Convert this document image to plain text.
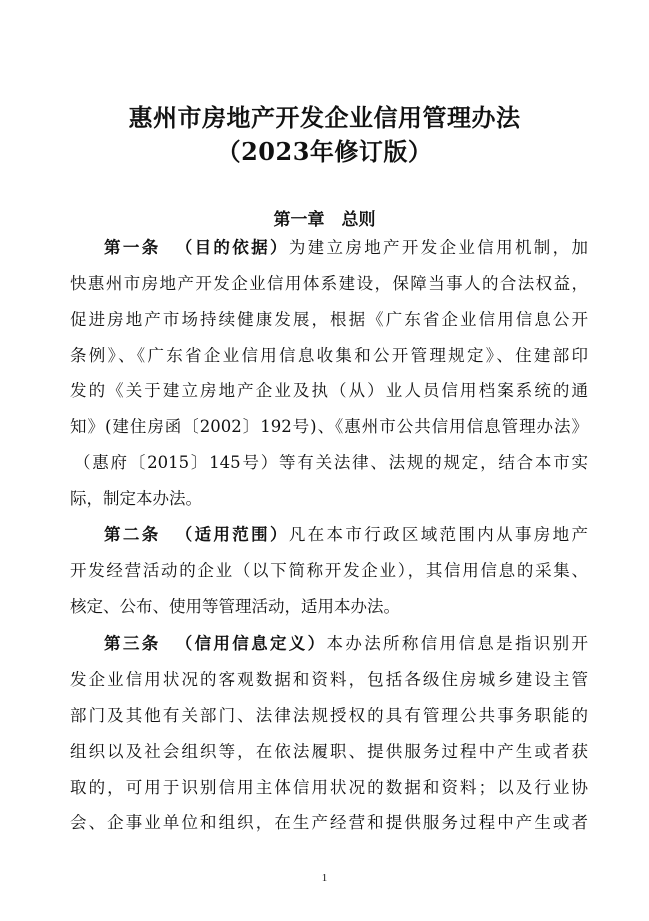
惠州市房地产开发企业信用管理办法
（2023年修订版）
第一章　总则
第一条 （目的依据）为建立房地产开发企业信用机制，加
快惠州市房地产开发企业信用体系建设，保障当事人的合法权益，
促进房地产市场持续健康发展，根据《广东省企业信用信息公开
条例》、《广东省企业信用信息收集和公开管理规定》、住建部印
发的《关于建立房地产企业及执（从）业人员信用档案系统的通
知》(建住房函〔2002〕192号)、《惠州市公共信用信息管理办法》
（惠府〔2015〕145号）等有关法律、法规的规定，结合本市实
际，制定本办法。
第二条 （适用范围）凡在本市行政区域范围内从事房地产
开发经营活动的企业（以下简称开发企业），其信用信息的采集、
核定、公布、使用等管理活动，适用本办法。
第三条 （信用信息定义）本办法所称信用信息是指识别开
发企业信用状况的客观数据和资料，包括各级住房城乡建设主管
部门及其他有关部门、法律法规授权的具有管理公共事务职能的
组织以及社会组织等，在依法履职、提供服务过程中产生或者获
取的，可用于识别信用主体信用状况的数据和资料；以及行业协
会、企事业单位和组织，在生产经营和提供服务过程中产生或者
1
